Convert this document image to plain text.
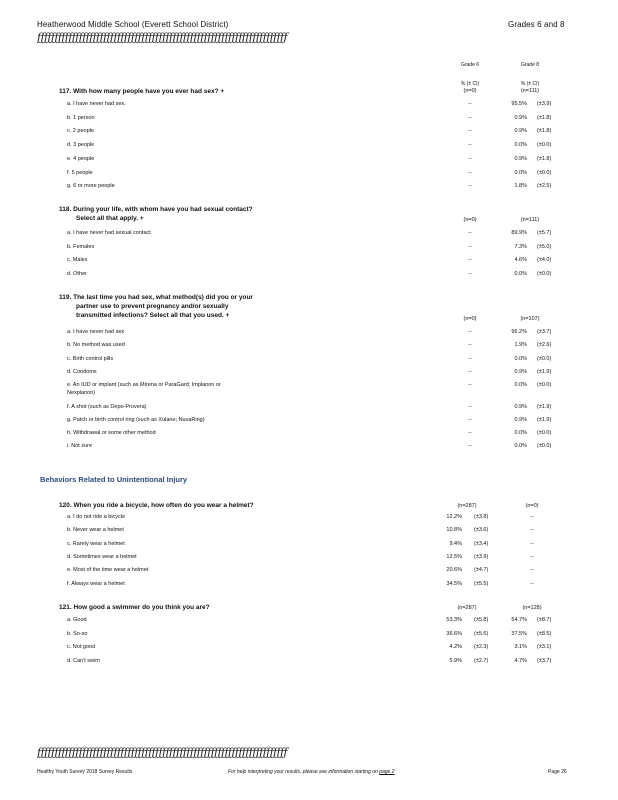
Heatherwood Middle School (Everett School District)	Grades 6 and 8
ƒƒƒƒƒƒƒƒƒƒƒƒƒƒƒƒƒƒƒƒƒƒƒƒƒƒƒƒƒƒƒƒƒƒƒƒƒƒƒƒƒƒƒƒƒƒƒƒƒƒƒƒƒƒƒƒƒƒƒƒƒƒƒƒƒƒƒƒƒƒƒƒ
Grade 6	Grade 8
% (± CI)	% (± CI)
117. With how many people have you ever had sex? +	(n=0)	(n=111)
a. I have never had sex.	--	95.5% (±3.9)
b. 1 person	--	0.9% (±1.8)
c. 2 people	--	0.9% (±1.8)
d. 3 people	--	0.0% (±0.0)
e. 4 people	--	0.9% (±1.8)
f. 5 people	--	0.0% (±0.0)
g. 6 or more people	--	1.8% (±2.5)
118. During your life, with whom have you had sexual contact?
Select all that apply. +	(n=0)	(n=111)
a. I have never had sexual contact	--	89.9% (±5.7)
b. Females	--	7.3% (±5.0)
c. Males	--	4.6% (±4.0)
d. Other	--	0.0% (±0.0)
119. The last time you had sex, what method(s) did you or your
partner use to prevent pregnancy and/or sexually
transmitted infections? Select all that you used. +	(n=0)	(n=107)
a. I have never had sex	--	96.2% (±3.7)
b. No method was used	--	1.9% (±2.6)
c. Birth control pills	--	0.0% (±0.0)
d. Condoms	--	0.9% (±1.9)
e. An IUD or implant (such as Mirena or ParaGard; Implanon or
Nexplanon)
--	0.0% (±0.0)
f. A shot (such as Depo-Provera)	--	0.9% (±1.9)
g. Patch or birth control ring (such as Xulane; NuvaRing)	--	0.9% (±1.9)
h. Withdrawal or some other method	--	0.0% (±0.0)
i. Not sure	--	0.0% (±0.0)
Behaviors Related to Unintentional Injury
120. When you ride a bicycle, how often do you wear a helmet?	(n=287)	(n=0)
a. I do not ride a bicycle	12.2% (±3.8)	--
b. Never wear a helmet	10.8% (±3.6)	--
c. Rarely wear a helmet	9.4% (±3.4)	--
d. Sometimes wear a helmet	12.5% (±3.9)	--
e. Most of the time wear a helmet	20.6% (±4.7)	--
f. Always wear a helmet	34.5% (±5.5)	--
121. How good a swimmer do you think you are?	(n=287)	(n=128)
a. Good	53.3% (±5.8)	54.7% (±8.7)
b. So-so	36.6% (±5.6)	37.5% (±8.5)
c. Not good	4.2% (±2.3)	3.1% (±3.1)
d. Can't swim	5.9% (±2.7)	4.7% (±3.7)
ƒƒƒƒƒƒƒƒƒƒƒƒƒƒƒƒƒƒƒƒƒƒƒƒƒƒƒƒƒƒƒƒƒƒƒƒƒƒƒƒƒƒƒƒƒƒƒƒƒƒƒƒƒƒƒƒƒƒƒƒƒƒƒƒƒƒƒƒƒƒƒƒ
Healthy Youth Survey 2018 Survey Results	For help interpreting your results, please see information starting on page 2	Page 26
